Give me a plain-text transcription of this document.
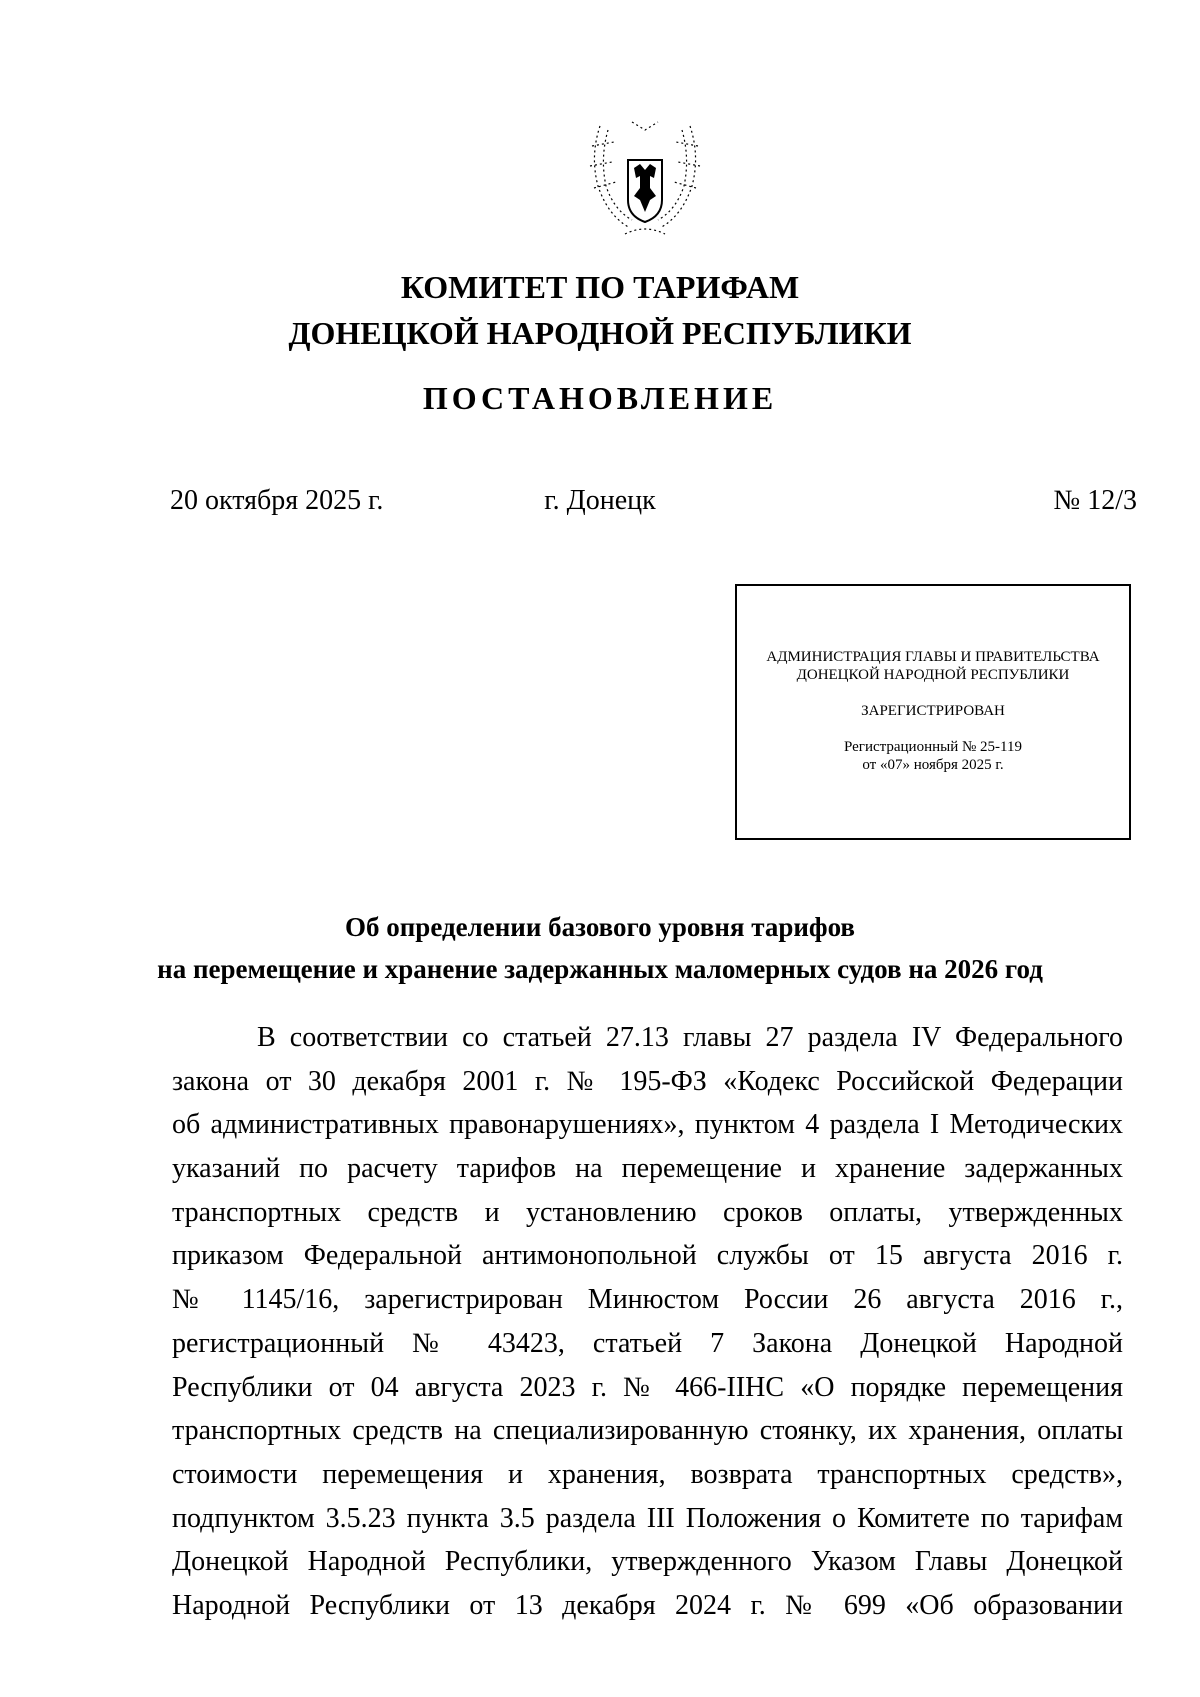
КОМИТЕТ ПО ТАРИФАМ
ДОНЕЦКОЙ НАРОДНОЙ РЕСПУБЛИКИ
ПОСТАНОВЛЕНИЕ
20 октября 2025 г.	г. Донецк	№ 12/3
АДМИНИСТРАЦИЯ ГЛАВЫ И ПРАВИТЕЛЬСТВА
ДОНЕЦКОЙ НАРОДНОЙ РЕСПУБЛИКИ
ЗАРЕГИСТРИРОВАН
Регистрационный № 25-119
от «07» ноября 2025 г.
Об определении базового уровня тарифов
на перемещение и хранение задержанных маломерных судов на 2026 год
В соответствии со статьей 27.13 главы 27 раздела IV Федерального
закона от 30 декабря 2001 г. № 195-ФЗ «Кодекс Российской Федерации
об административных правонарушениях», пунктом 4 раздела I Методических
указаний по расчету тарифов на перемещение и хранение задержанных
транспортных средств и установлению сроков оплаты, утвержденных
приказом Федеральной антимонопольной службы от 15 августа 2016 г.
№ 1145/16, зарегистрирован Минюстом России 26 августа 2016 г.,
регистрационный № 43423, статьей 7 Закона Донецкой Народной
Республики от 04 августа 2023 г. № 466-IIНС «О порядке перемещения
транспортных средств на специализированную стоянку, их хранения, оплаты
стоимости перемещения и хранения, возврата транспортных средств»,
подпунктом 3.5.23 пункта 3.5 раздела III Положения о Комитете по тарифам
Донецкой Народной Республики, утвержденного Указом Главы Донецкой
Народной Республики от 13 декабря 2024 г. № 699 «Об образовании
